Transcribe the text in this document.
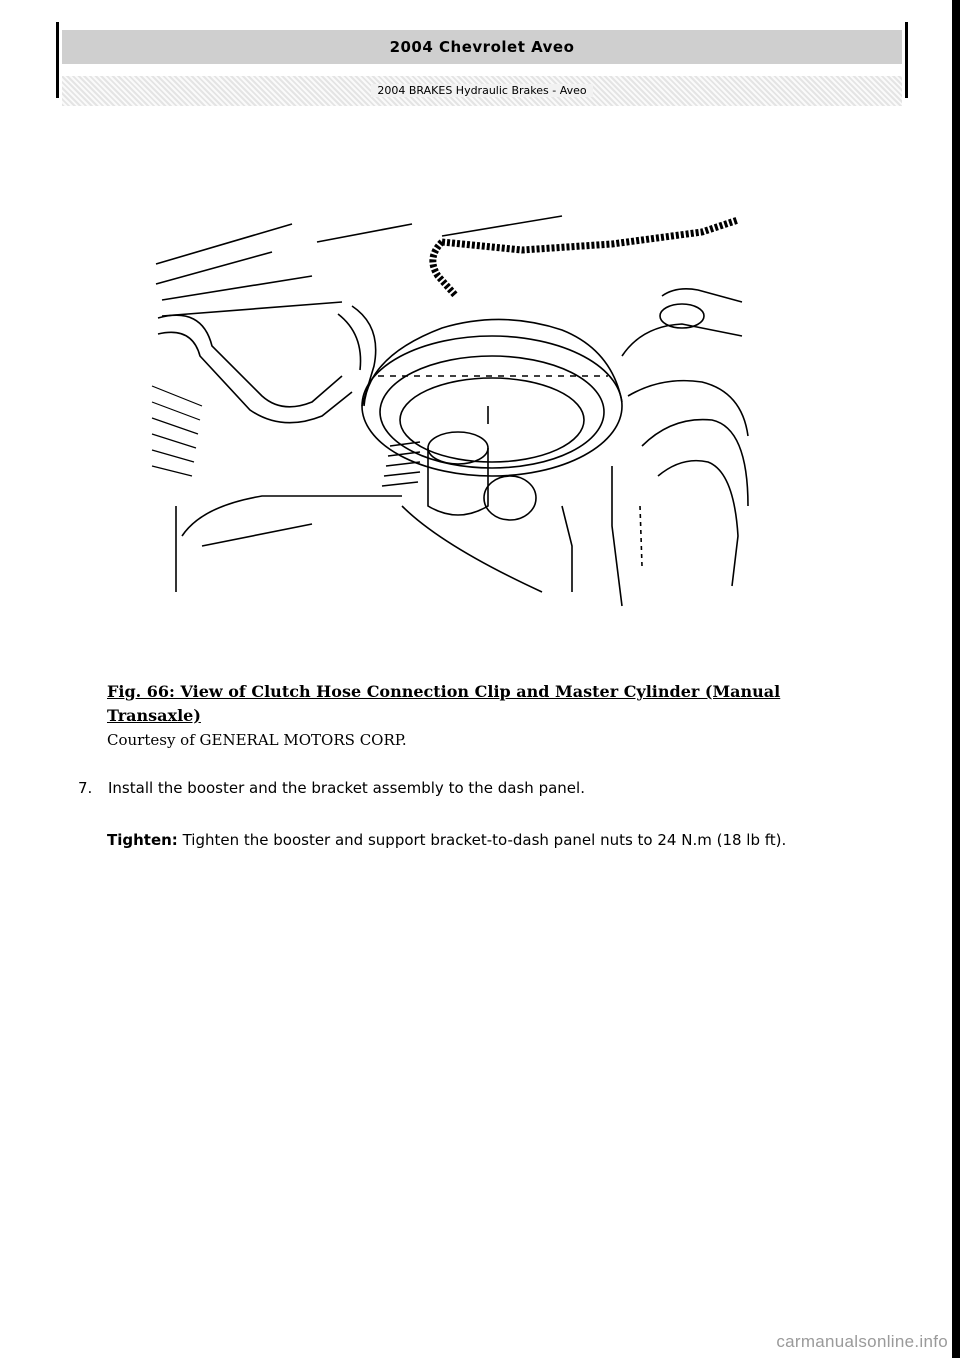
2004 Chevrolet Aveo
2004 BRAKES Hydraulic Brakes - Aveo
Fig. 66: View of Clutch Hose Connection Clip and Master Cylinder (Manual Transaxle)
Courtesy of GENERAL MOTORS CORP.
7. Install the booster and the bracket assembly to the dash panel.
Tighten: Tighten the booster and support bracket-to-dash panel nuts to 24 N.m (18 lb ft).
carmanualsonline.info
